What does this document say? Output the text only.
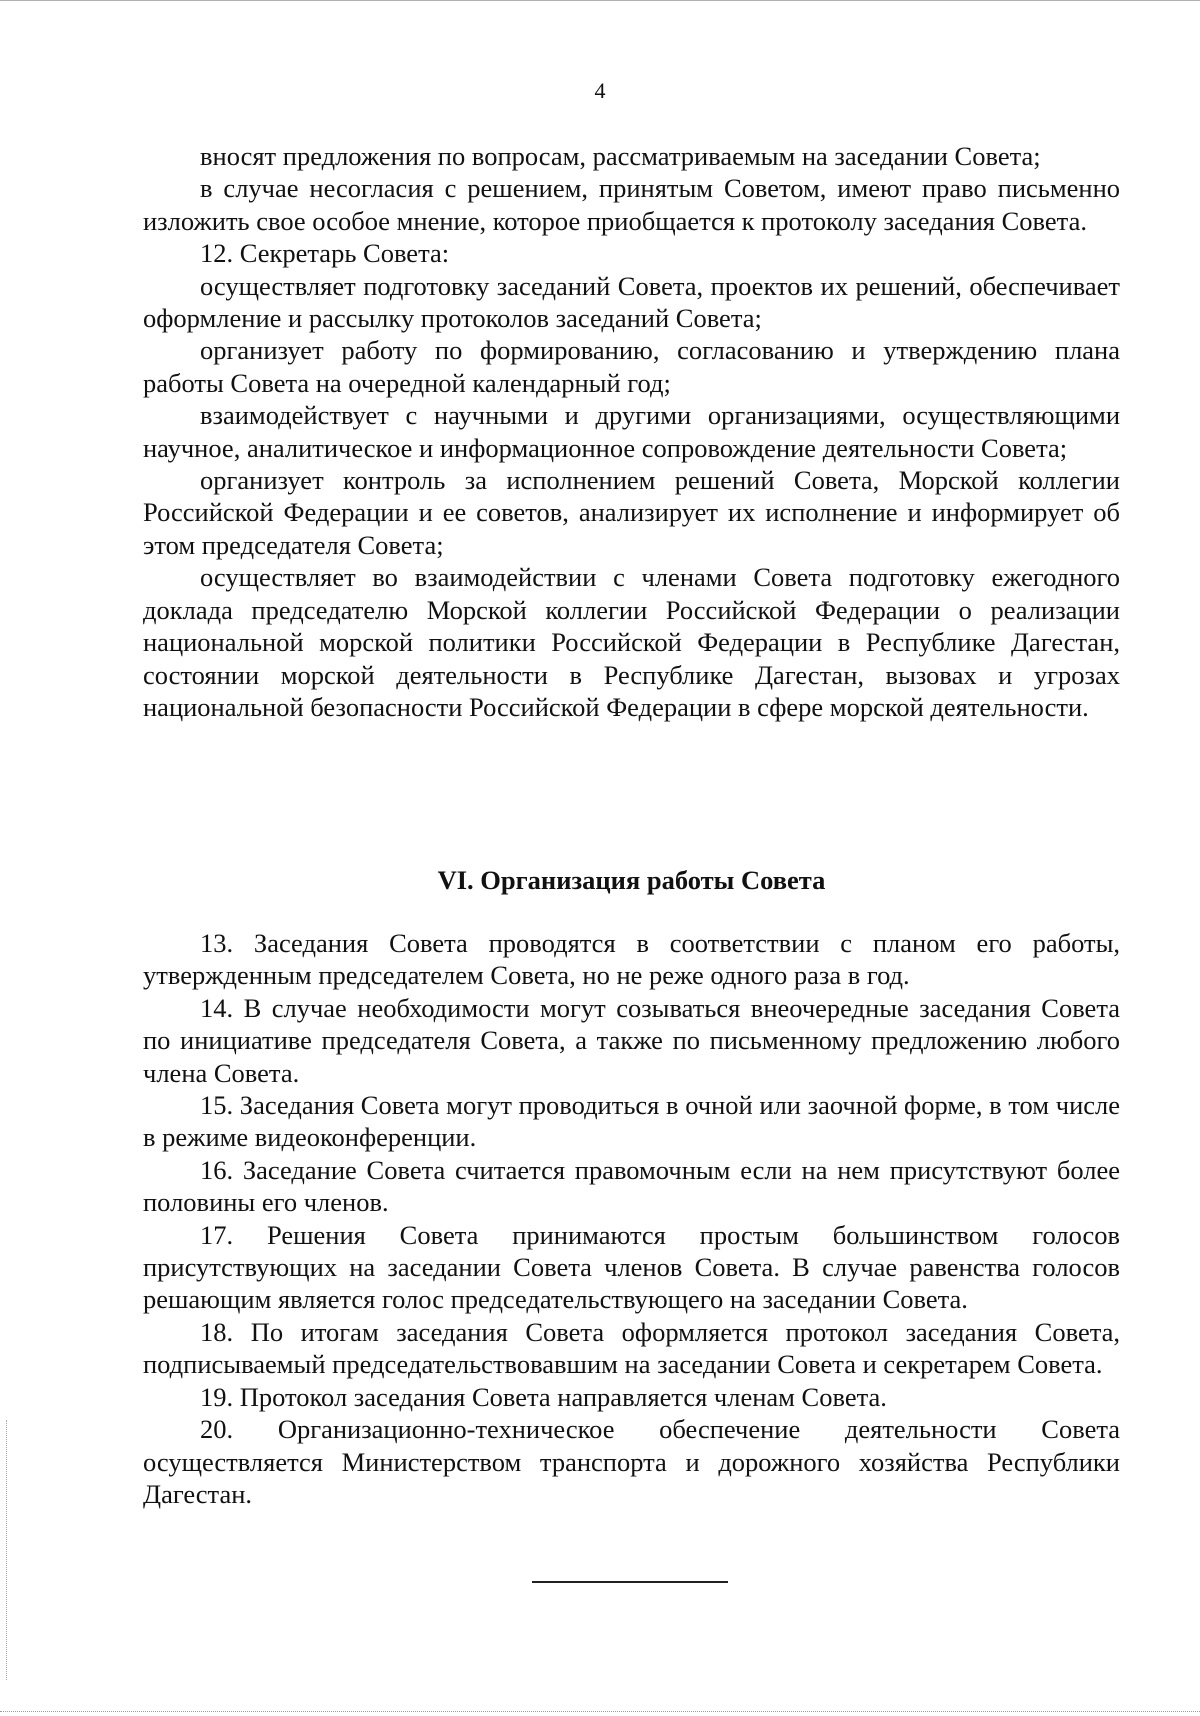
4

вносят предложения по вопросам, рассматриваемым на заседании Совета;

в случае несогласия с решением, принятым Советом, имеют право письменно изложить свое особое мнение, которое приобщается к протоколу заседания Совета.

12. Секретарь Совета:

осуществляет подготовку заседаний Совета, проектов их решений, обеспечивает оформление и рассылку протоколов заседаний Совета;

организует работу по формированию, согласованию и утверждению плана работы Совета на очередной календарный год;

взаимодействует с научными и другими организациями, осуществляющими научное, аналитическое и информационное сопровождение деятельности Совета;

организует контроль за исполнением решений Совета, Морской коллегии Российской Федерации и ее советов, анализирует их исполнение и информирует об этом председателя Совета;

осуществляет во взаимодействии с членами Совета подготовку ежегодного доклада председателю Морской коллегии Российской Федерации о реализации национальной морской политики Российской Федерации в Республике Дагестан, состоянии морской деятельности в Республике Дагестан, вызовах и угрозах национальной безопасности Российской Федерации в сфере морской деятельности.

VI. Организация работы Совета

13. Заседания Совета проводятся в соответствии с планом его работы, утвержденным председателем Совета, но не реже одного раза в год.

14. В случае необходимости могут созываться внеочередные заседания Совета по инициативе председателя Совета, а также по письменному предложению любого члена Совета.

15. Заседания Совета могут проводиться в очной или заочной форме, в том числе в режиме видеоконференции.

16. Заседание Совета считается правомочным если на нем присутствуют более половины его членов.

17. Решения Совета принимаются простым большинством голосов присутствующих на заседании Совета членов Совета. В случае равенства голосов решающим является голос председательствующего на заседании Совета.

18. По итогам заседания Совета оформляется протокол заседания Совета, подписываемый председательствовавшим на заседании Совета и секретарем Совета.

19. Протокол заседания Совета направляется членам Совета.

20. Организационно-техническое обеспечение деятельности Совета осуществляется Министерством транспорта и дорожного хозяйства Республики Дагестан.
